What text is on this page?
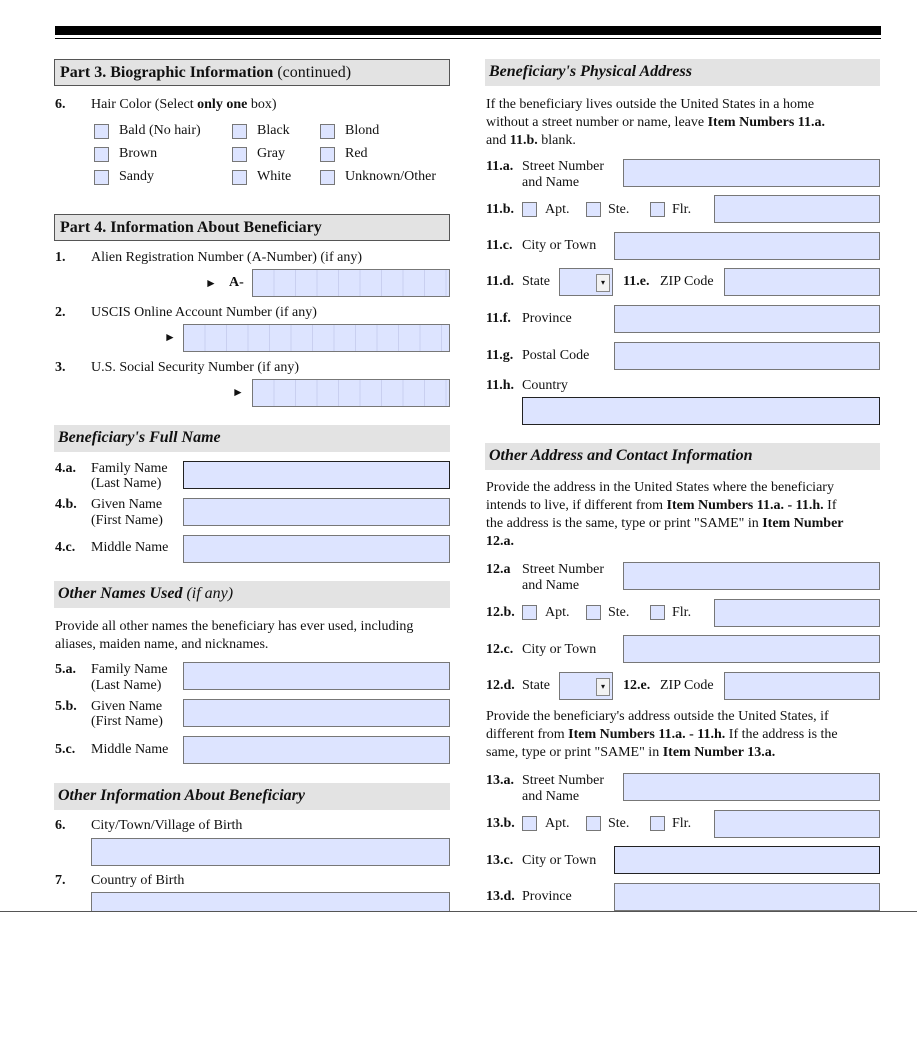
Part 3. Biographic Information (continued)
6. Hair Color (Select only one box)
Bald (No hair)	Black	Blond
Brown	Gray	Red
Sandy	White	Unknown/Other
Part 4. Information About Beneficiary
1. Alien Registration Number (A-Number) (if any)
► A-
2. USCIS Online Account Number (if any)
►
3. U.S. Social Security Number (if any)
►
Beneficiary's Full Name
4.a. Family Name
(Last Name)
4.b. Given Name
(First Name)
4.c. Middle Name
Other Names Used (if any)
Provide all other names the beneficiary has ever used, including
aliases, maiden name, and nicknames.
5.a. Family Name
(Last Name)
5.b. Given Name
(First Name)
5.c. Middle Name
Other Information About Beneficiary
6. City/Town/Village of Birth
7. Country of Birth
Beneficiary's Physical Address
If the beneficiary lives outside the United States in a home
without a street number or name, leave Item Numbers 11.a.
and 11.b. blank.
11.a. Street Number
and Name
11.b. Apt.	Ste.	Flr.
11.c. City or Town
11.d. State	▾	11.e. ZIP Code
11.f. Province
11.g. Postal Code
11.h. Country
Other Address and Contact Information
Provide the address in the United States where the beneficiary
intends to live, if different from Item Numbers 11.a. - 11.h. If
the address is the same, type or print "SAME" in Item Number
12.a.
12.a Street Number
and Name
12.b. Apt.	Ste.	Flr.
12.c. City or Town
12.d. State	▾	12.e. ZIP Code
Provide the beneficiary's address outside the United States, if
different from Item Numbers 11.a. - 11.h. If the address is the
same, type or print "SAME" in Item Number 13.a.
13.a. Street Number
and Name
13.b. Apt.	Ste.	Flr.
13.c. City or Town
13.d. Province
